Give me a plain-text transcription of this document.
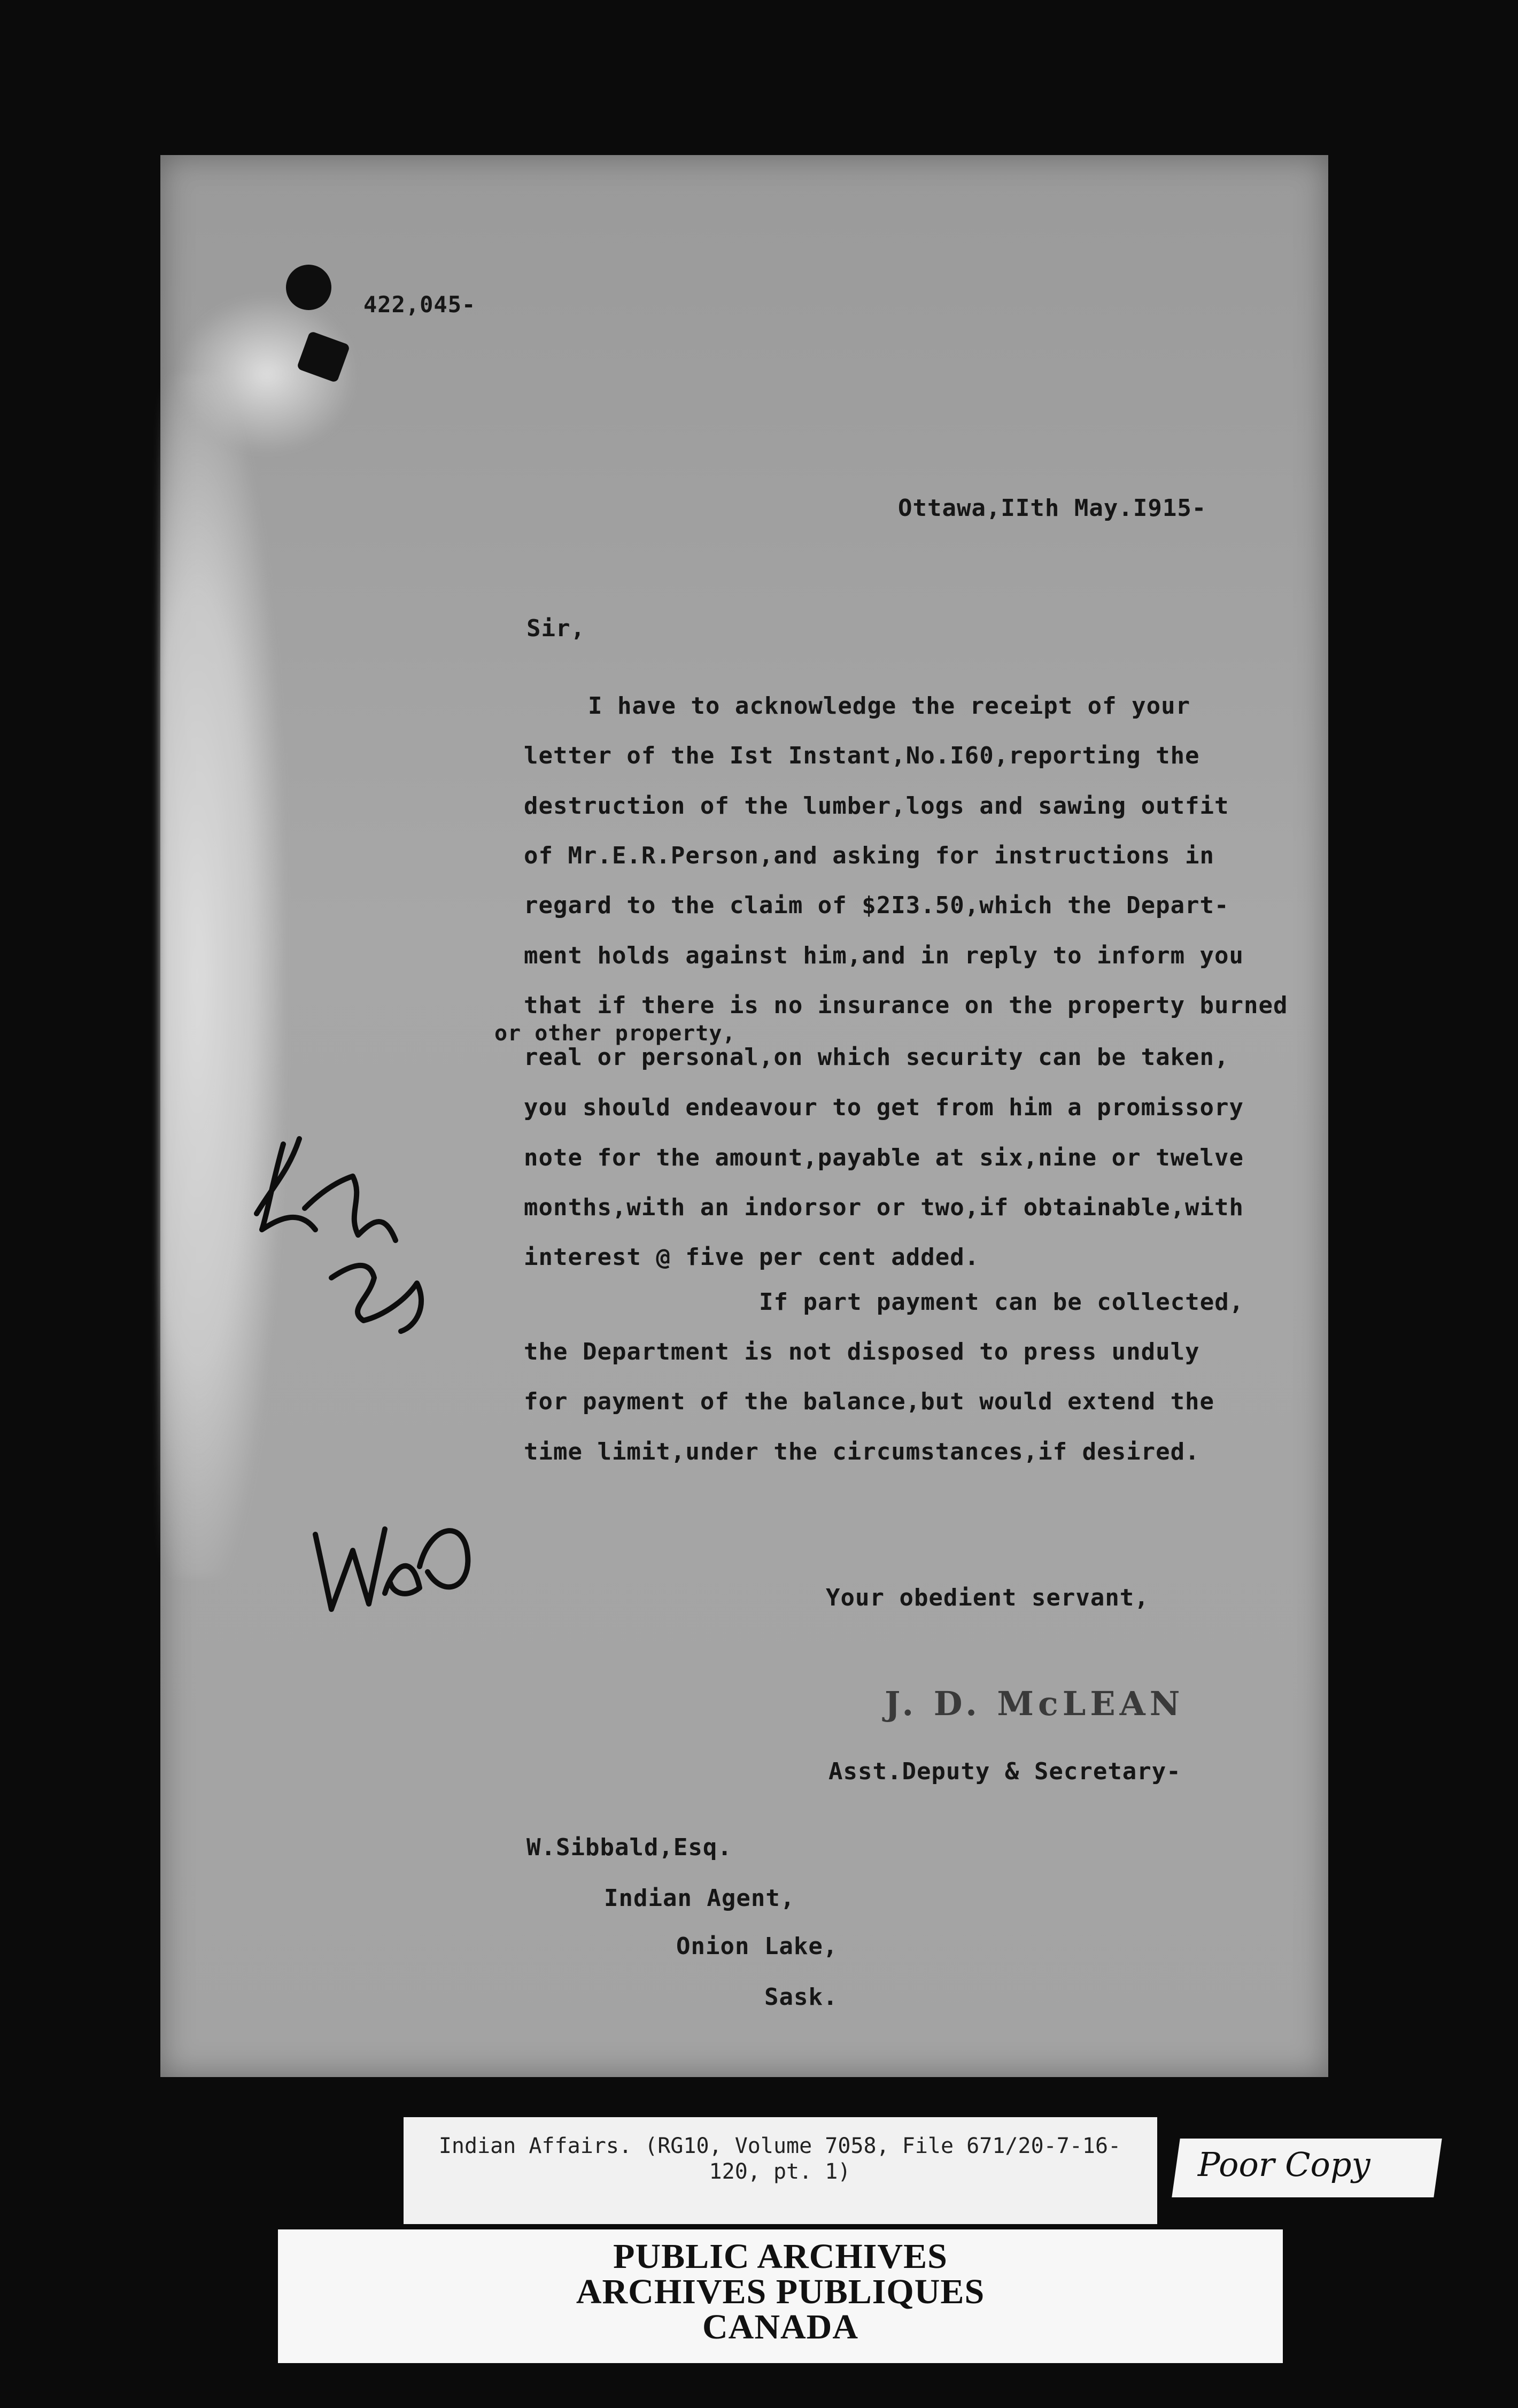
422,045-
Ottawa,IIth May.I915-
Sir,
I have to acknowledge the receipt of your
letter of the Ist Instant,No.I60,reporting the
destruction of the lumber,logs and sawing outfit
of Mr.E.R.Person,and asking for instructions in
regard to the claim of $2I3.50,which the Depart-
ment holds against him,and in reply to inform you
that if there is no insurance on the property burned
or other property,
real or personal,on which security can be taken,
you should endeavour to get from him a promissory
note for the amount,payable at six,nine or twelve
months,with an indorsor or two,if obtainable,with
interest @ five per cent added.
If part payment can be collected,
the Department is not disposed to press unduly
for payment of the balance,but would extend the
time limit,under the circumstances,if desired.
Your obedient servant,
J. D. McLEAN
Asst.Deputy & Secretary-
W.Sibbald,Esq.
Indian Agent,
Onion Lake,
Sask.
Indian Affairs. (RG10, Volume 7058, File 671/20-7-16-120, pt. 1)	Poor Copy
PUBLIC ARCHIVES
ARCHIVES PUBLIQUES
CANADA
